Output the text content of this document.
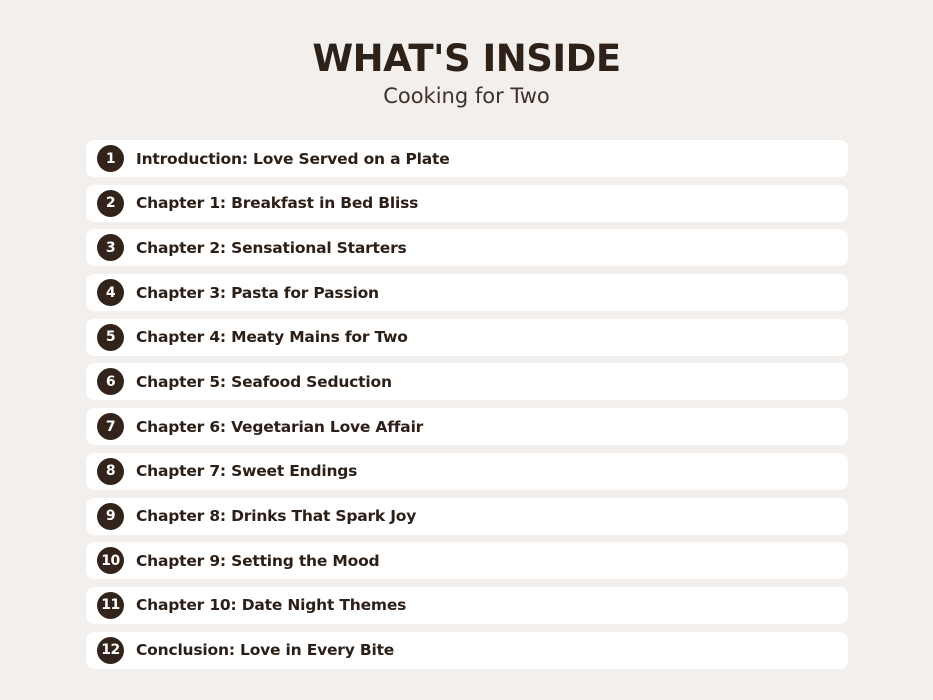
WHAT'S INSIDE
Cooking for Two
1	Introduction: Love Served on a Plate
2	Chapter 1: Breakfast in Bed Bliss
3	Chapter 2: Sensational Starters
4	Chapter 3: Pasta for Passion
5	Chapter 4: Meaty Mains for Two
6	Chapter 5: Seafood Seduction
7	Chapter 6: Vegetarian Love Affair
8	Chapter 7: Sweet Endings
9	Chapter 8: Drinks That Spark Joy
10 Chapter 9: Setting the Mood
11 Chapter 10: Date Night Themes
12 Conclusion: Love in Every Bite
